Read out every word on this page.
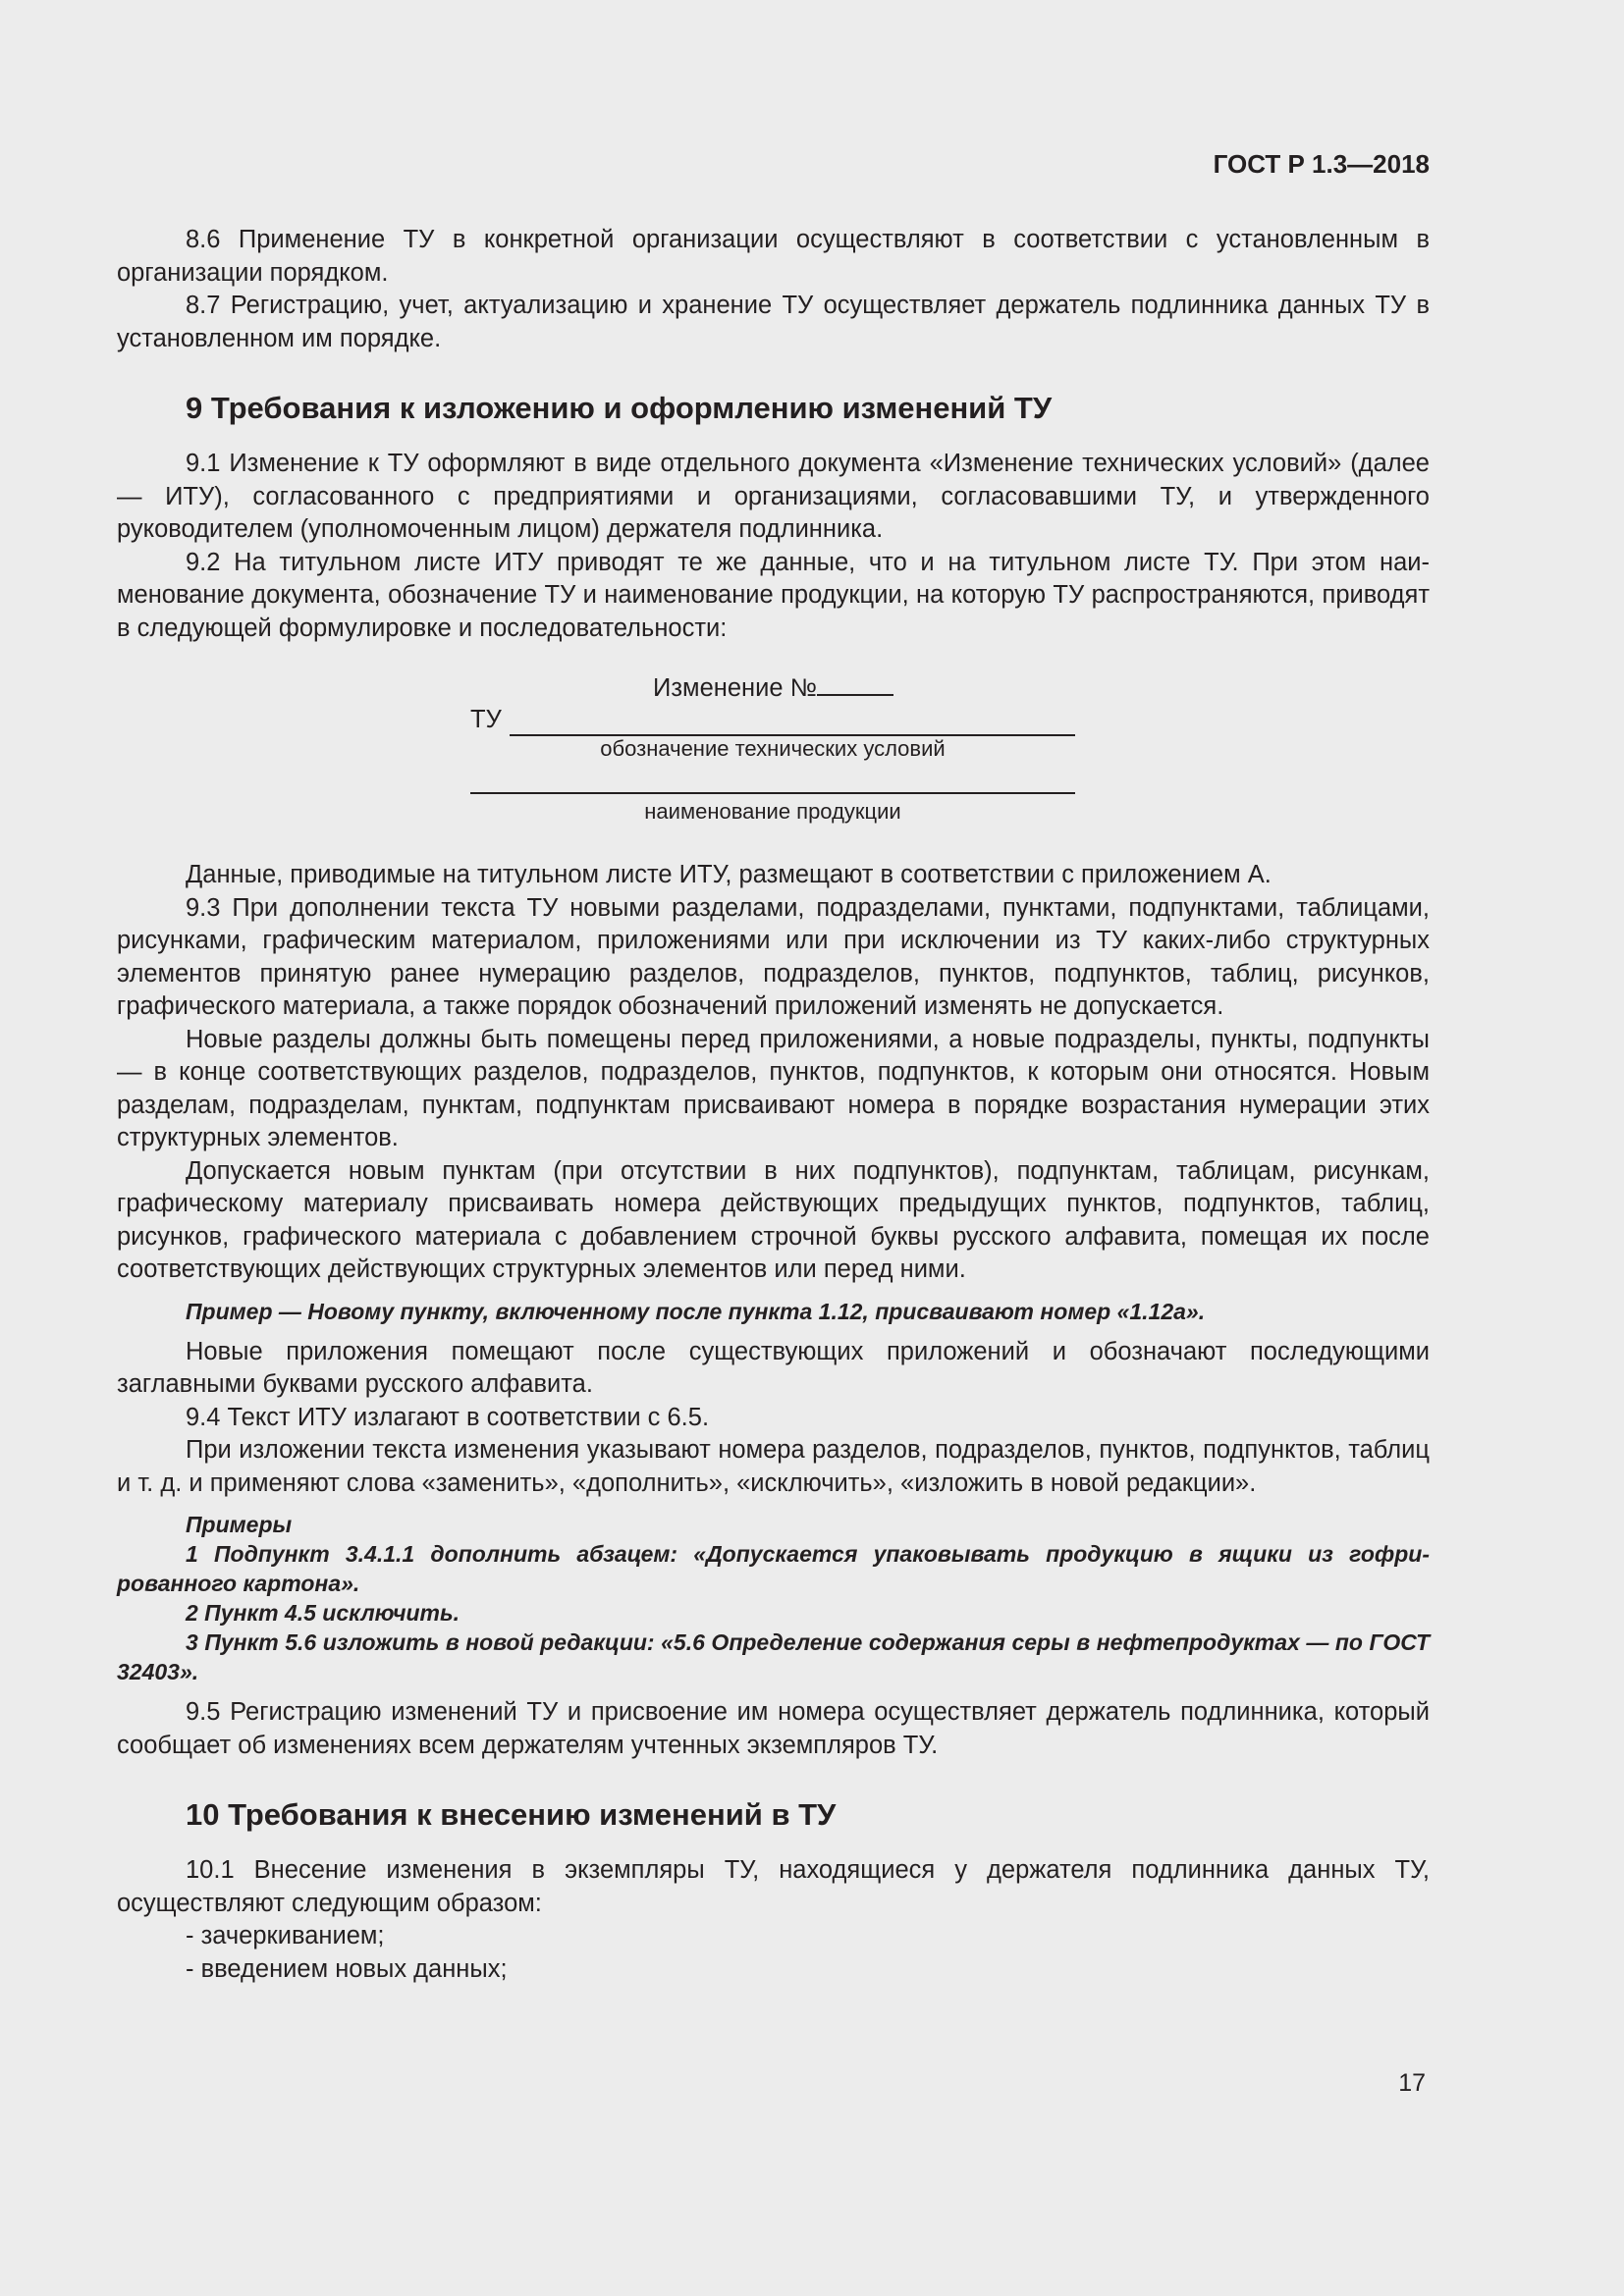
ГОСТ Р 1.3—2018

8.6 Применение ТУ в конкретной организации осуществляют в соответствии с установленным в организации порядком.

8.7 Регистрацию, учет, актуализацию и хранение ТУ осуществляет держатель подлинника данных ТУ в установленном им порядке.

9 Требования к изложению и оформлению изменений ТУ

9.1 Изменение к ТУ оформляют в виде отдельного документа «Изменение технических условий» (далее — ИТУ), согласованного с предприятиями и организациями, согласовавшими ТУ, и утвержденного руководителем (уполномоченным лицом) держателя подлинника.

9.2 На титульном листе ИТУ приводят те же данные, что и на титульном листе ТУ. При этом наименование документа, обозначение ТУ и наименование продукции, на которую ТУ распространяются, приводят в следующей формулировке и последовательности:

Изменение №
ТУ
обозначение технических условий
наименование продукции

Данные, приводимые на титульном листе ИТУ, размещают в соответствии с приложением А.

9.3 При дополнении текста ТУ новыми разделами, подразделами, пунктами, подпунктами, таблицами, рисунками, графическим материалом, приложениями или при исключении из ТУ каких-либо структурных элементов принятую ранее нумерацию разделов, подразделов, пунктов, подпунктов, таблиц, рисунков, графического материала, а также порядок обозначений приложений изменять не допускается.

Новые разделы должны быть помещены перед приложениями, а новые подразделы, пункты, подпункты — в конце соответствующих разделов, подразделов, пунктов, подпунктов, к которым они относятся. Новым разделам, подразделам, пунктам, подпунктам присваивают номера в порядке возрастания нумерации этих структурных элементов.

Допускается новым пунктам (при отсутствии в них подпунктов), подпунктам, таблицам, рисункам, графическому материалу присваивать номера действующих предыдущих пунктов, подпунктов, таблиц, рисунков, графического материала с добавлением строчной буквы русского алфавита, помещая их после соответствующих действующих структурных элементов или перед ними.

Пример — Новому пункту, включенному после пункта 1.12, присваивают номер «1.12а».

Новые приложения помещают после существующих приложений и обозначают последующими заглавными буквами русского алфавита.

9.4 Текст ИТУ излагают в соответствии с 6.5.

При изложении текста изменения указывают номера разделов, подразделов, пунктов, подпунктов, таблиц и т. д. и применяют слова «заменить», «дополнить», «исключить», «изложить в новой редакции».

Примеры

1 Подпункт 3.4.1.1 дополнить абзацем: «Допускается упаковывать продукцию в ящики из гофрированного картона».

2 Пункт 4.5 исключить.

3 Пункт 5.6 изложить в новой редакции: «5.6 Определение содержания серы в нефтепродуктах — по ГОСТ 32403».

9.5 Регистрацию изменений ТУ и присвоение им номера осуществляет держатель подлинника, который сообщает об изменениях всем держателям учтенных экземпляров ТУ.

10 Требования к внесению изменений в ТУ

10.1 Внесение изменения в экземпляры ТУ, находящиеся у держателя подлинника данных ТУ, осуществляют следующим образом:

- зачеркиванием;

- введением новых данных;

17
